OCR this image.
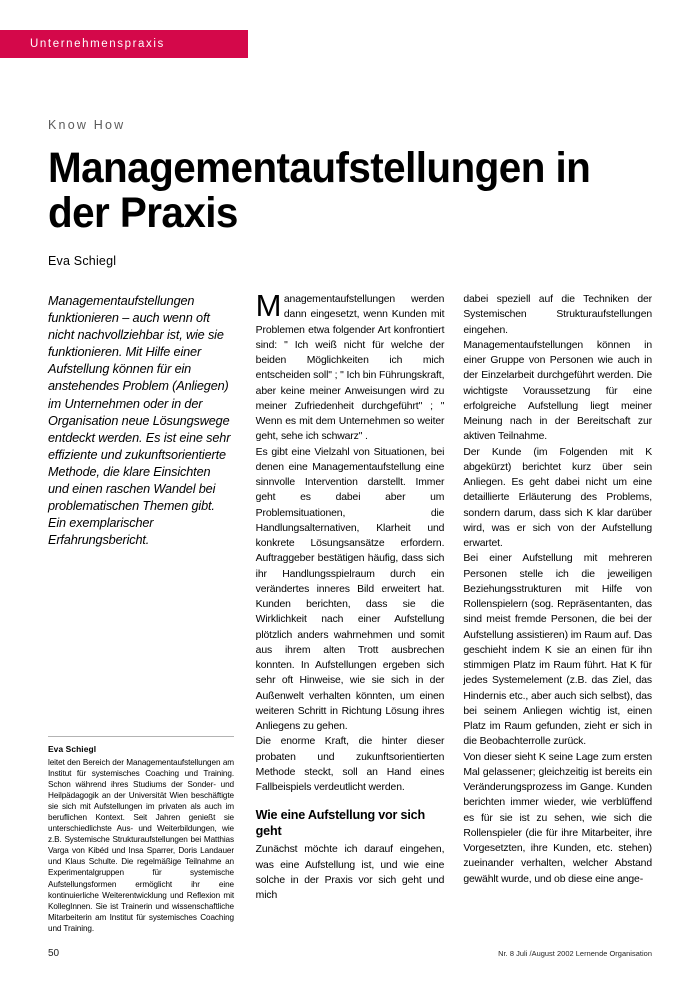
Unternehmenspraxis
Know How
Managementaufstellungen in der Praxis
Eva Schiegl
Managementaufstellungen funktionieren – auch wenn oft nicht nachvollziehbar ist, wie sie funktionieren. Mit Hilfe einer Aufstellung können für ein anstehendes Problem (Anliegen) im Unternehmen oder in der Organisation neue Lösungswege entdeckt werden. Es ist eine sehr effiziente und zukunftsorientierte Methode, die klare Einsichten und einen raschen Wandel bei problematischen Themen gibt. Ein exemplarischer Erfahrungsbericht.
Eva Schiegl
leitet den Bereich der Managementaufstellungen am Institut für systemisches Coaching und Training. Schon während ihres Studiums der Sonder- und Heilpädagogik an der Universität Wien beschäftigte sie sich mit Aufstellungen im privaten als auch im beruflichen Kontext. Seit Jahren genießt sie unterschiedlichste Aus- und Weiterbildungen, wie z.B. Systemische Strukturaufstellungen bei Matthias Varga von Kibéd und Insa Sparrer, Doris Landauer und Klaus Schulte. Die regelmäßige Teilnahme an Experimentalgruppen für systemische Aufstellungsformen ermöglicht ihr eine kontinuierliche Weiterentwicklung und Reflexion mit KollegInnen. Sie ist Trainerin und wissenschaftliche Mitarbeiterin am Institut für systemisches Coaching und Training.

Managementaufstellungen werden dann eingesetzt, wenn Kunden mit Problemen etwa folgender Art konfrontiert sind: " Ich weiß nicht für welche der beiden Möglichkeiten ich mich entscheiden soll" ; " Ich bin Führungskraft, aber keine meiner Anweisungen wird zu meiner Zufriedenheit durchgeführt" ; " Wenn es mit dem Unternehmen so weiter geht, sehe ich schwarz" .

Es gibt eine Vielzahl von Situationen, bei denen eine Managementaufstellung eine sinnvolle Intervention darstellt. Immer geht es dabei aber um Problemsituationen, die Handlungsalternativen, Klarheit und konkrete Lösungsansätze erfordern. Auftraggeber bestätigen häufig, dass sich ihr Handlungsspielraum durch ein verändertes inneres Bild erweitert hat. Kunden berichten, dass sie die Wirklichkeit nach einer Aufstellung plötzlich anders wahrnehmen und somit aus ihrem alten Trott ausbrechen konnten. In Aufstellungen ergeben sich sehr oft Hinweise, wie sie sich in der Außenwelt verhalten könnten, um einen weiteren Schritt in Richtung Lösung ihres Anliegens zu gehen.

Die enorme Kraft, die hinter dieser probaten und zukunftsorientierten Methode steckt, soll an Hand eines Fallbeispiels verdeutlicht werden.

Wie eine Aufstellung vor sich geht

Zunächst möchte ich darauf eingehen, was eine Aufstellung ist, und wie eine solche in der Praxis vor sich geht und mich

dabei speziell auf die Techniken der Systemischen Strukturaufstellungen eingehen.

Managementaufstellungen können in einer Gruppe von Personen wie auch in der Einzelarbeit durchgeführt werden. Die wichtigste Voraussetzung für eine erfolgreiche Aufstellung liegt meiner Meinung nach in der Bereitschaft zur aktiven Teilnahme.

Der Kunde (im Folgenden mit K abgekürzt) berichtet kurz über sein Anliegen. Es geht dabei nicht um eine detaillierte Erläuterung des Problems, sondern darum, dass sich K klar darüber wird, was er sich von der Aufstellung erwartet.

Bei einer Aufstellung mit mehreren Personen stelle ich die jeweiligen Beziehungsstrukturen mit Hilfe von Rollenspielern (sog. Repräsentanten, das sind meist fremde Personen, die bei der Aufstellung assistieren) im Raum auf. Das geschieht indem K sie an einen für ihn stimmigen Platz im Raum führt. Hat K für jedes Systemelement (z.B. das Ziel, das Hindernis etc., aber auch sich selbst), das bei seinem Anliegen wichtig ist, einen Platz im Raum gefunden, zieht er sich in die Beobachterrolle zurück.

Von dieser sieht K seine Lage zum ersten Mal gelassener; gleichzeitig ist bereits ein Veränderungsprozess im Gange. Kunden berichten immer wieder, wie verblüffend es für sie ist zu sehen, wie sich die Rollenspieler (die für ihre Mitarbeiter, ihre Vorgesetzten, ihre Kunden, etc. stehen) zueinander verhalten, welcher Abstand gewählt wurde, und ob diese eine ange-

50	Nr. 8 Juli /August 2002 Lernende Organisation
